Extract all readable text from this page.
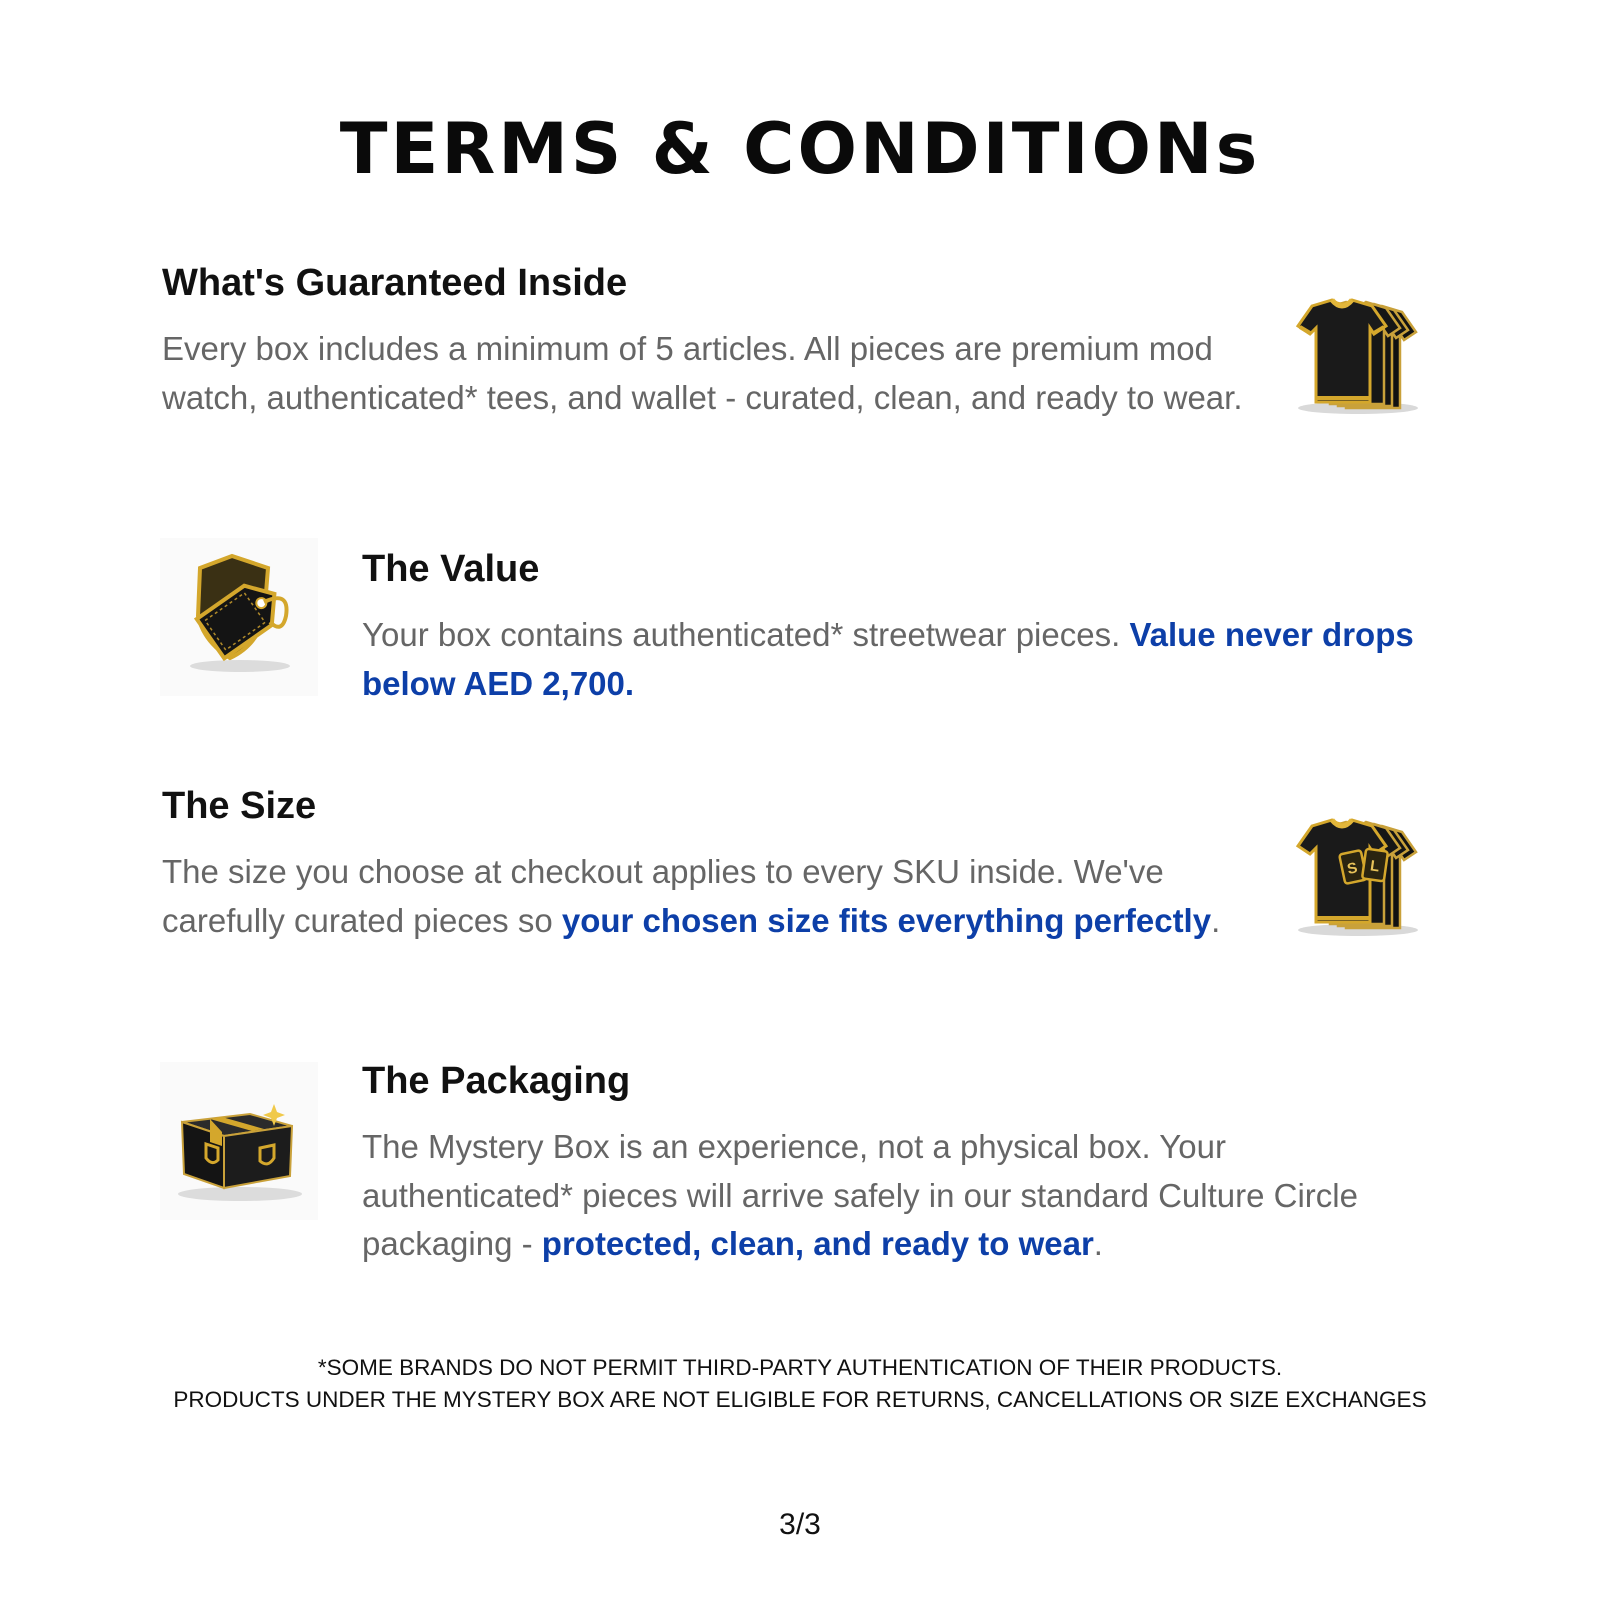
TERMS & CONDITIONs
What's Guaranteed Inside

Every box includes a minimum of 5 articles. All pieces are premium mod watch, authenticated* tees, and wallet - curated, clean, and ready to wear.

The Value

Your box contains authenticated* streetwear pieces. Value never drops below AED 2,700.

The Size

The size you choose at checkout applies to every SKU inside. We've carefully curated pieces so your chosen size fits everything perfectly.

S L
The Packaging

The Mystery Box is an experience, not a physical box. Your authenticated* pieces will arrive safely in our standard Culture Circle packaging - protected, clean, and ready to wear.

*SOME BRANDS DO NOT PERMIT THIRD-PARTY AUTHENTICATION OF THEIR PRODUCTS.
PRODUCTS UNDER THE MYSTERY BOX ARE NOT ELIGIBLE FOR RETURNS, CANCELLATIONS OR SIZE EXCHANGES
3/3
